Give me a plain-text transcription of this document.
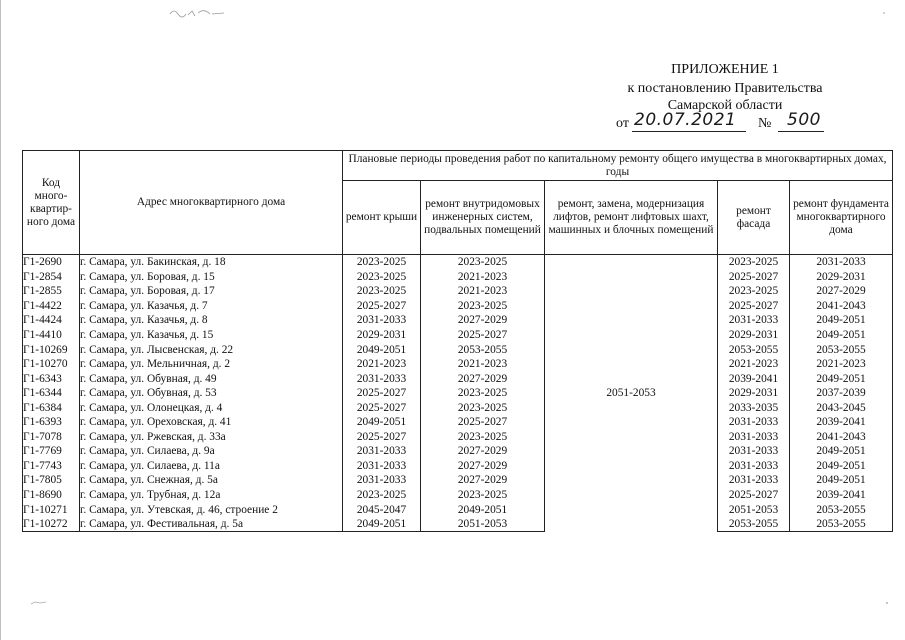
ПРИЛОЖЕНИЕ 1
к постановлению Правительства
Самарской области
от 20.07.2021 № 500
Код много-квартир-ного дома	Адрес многоквартирного дома	Плановые периоды проведения работ по капитальному ремонту общего имущества в многоквартирных домах, годы				
		ремонт крыши	ремонт внутридомовых инженерных систем, подвальных помещений	ремонт, замена, модернизация лифтов, ремонт лифтовых шахт, машинных и блочных помещений	ремонт фасада	ремонт фундамента многоквартирного дома
Г1-2690	г. Самара, ул. Бакинская, д. 18	2023-2025	2023-2025	2051-2053	2023-2025	2031-2033
Г1-2854	г. Самара, ул. Боровая, д. 15	2023-2025	2021-2023		2025-2027	2029-2031
Г1-2855	г. Самара, ул. Боровая, д. 17	2023-2025	2021-2023		2023-2025	2027-2029
Г1-4422	г. Самара, ул. Казачья, д. 7	2025-2027	2023-2025		2025-2027	2041-2043
Г1-4424	г. Самара, ул. Казачья, д. 8	2031-2033	2027-2029		2031-2033	2049-2051
Г1-4410	г. Самара, ул. Казачья, д. 15	2029-2031	2025-2027		2029-2031	2049-2051
Г1-10269	г. Самара, ул. Лысвенская, д. 22	2049-2051	2053-2055		2053-2055	2053-2055
Г1-10270	г. Самара, ул. Мельничная, д. 2	2021-2023	2021-2023		2021-2023	2021-2023
Г1-6343	г. Самара, ул. Обувная, д. 49	2031-2033	2027-2029		2039-2041	2049-2051
Г1-6344	г. Самара, ул. Обувная, д. 53	2025-2027	2023-2025		2029-2031	2037-2039
Г1-6384	г. Самара, ул. Олонецкая, д. 4	2025-2027	2023-2025		2033-2035	2043-2045
Г1-6393	г. Самара, ул. Ореховская, д. 41	2049-2051	2025-2027		2031-2033	2039-2041
Г1-7078	г. Самара, ул. Ржевская, д. 33а	2025-2027	2023-2025		2031-2033	2041-2043
Г1-7769	г. Самара, ул. Силаева, д. 9а	2031-2033	2027-2029		2031-2033	2049-2051
Г1-7743	г. Самара, ул. Силаева, д. 11а	2031-2033	2027-2029		2031-2033	2049-2051
Г1-7805	г. Самара, ул. Снежная, д. 5а	2031-2033	2027-2029		2031-2033	2049-2051
Г1-8690	г. Самара, ул. Трубная, д. 12а	2023-2025	2023-2025		2025-2027	2039-2041
Г1-10271	г. Самара, ул. Утевская, д. 46, строение 2	2045-2047	2049-2051		2051-2053	2053-2055
Г1-10272	г. Самара, ул. Фестивальная, д. 5а	2049-2051	2051-2053		2053-2055	2053-2055
